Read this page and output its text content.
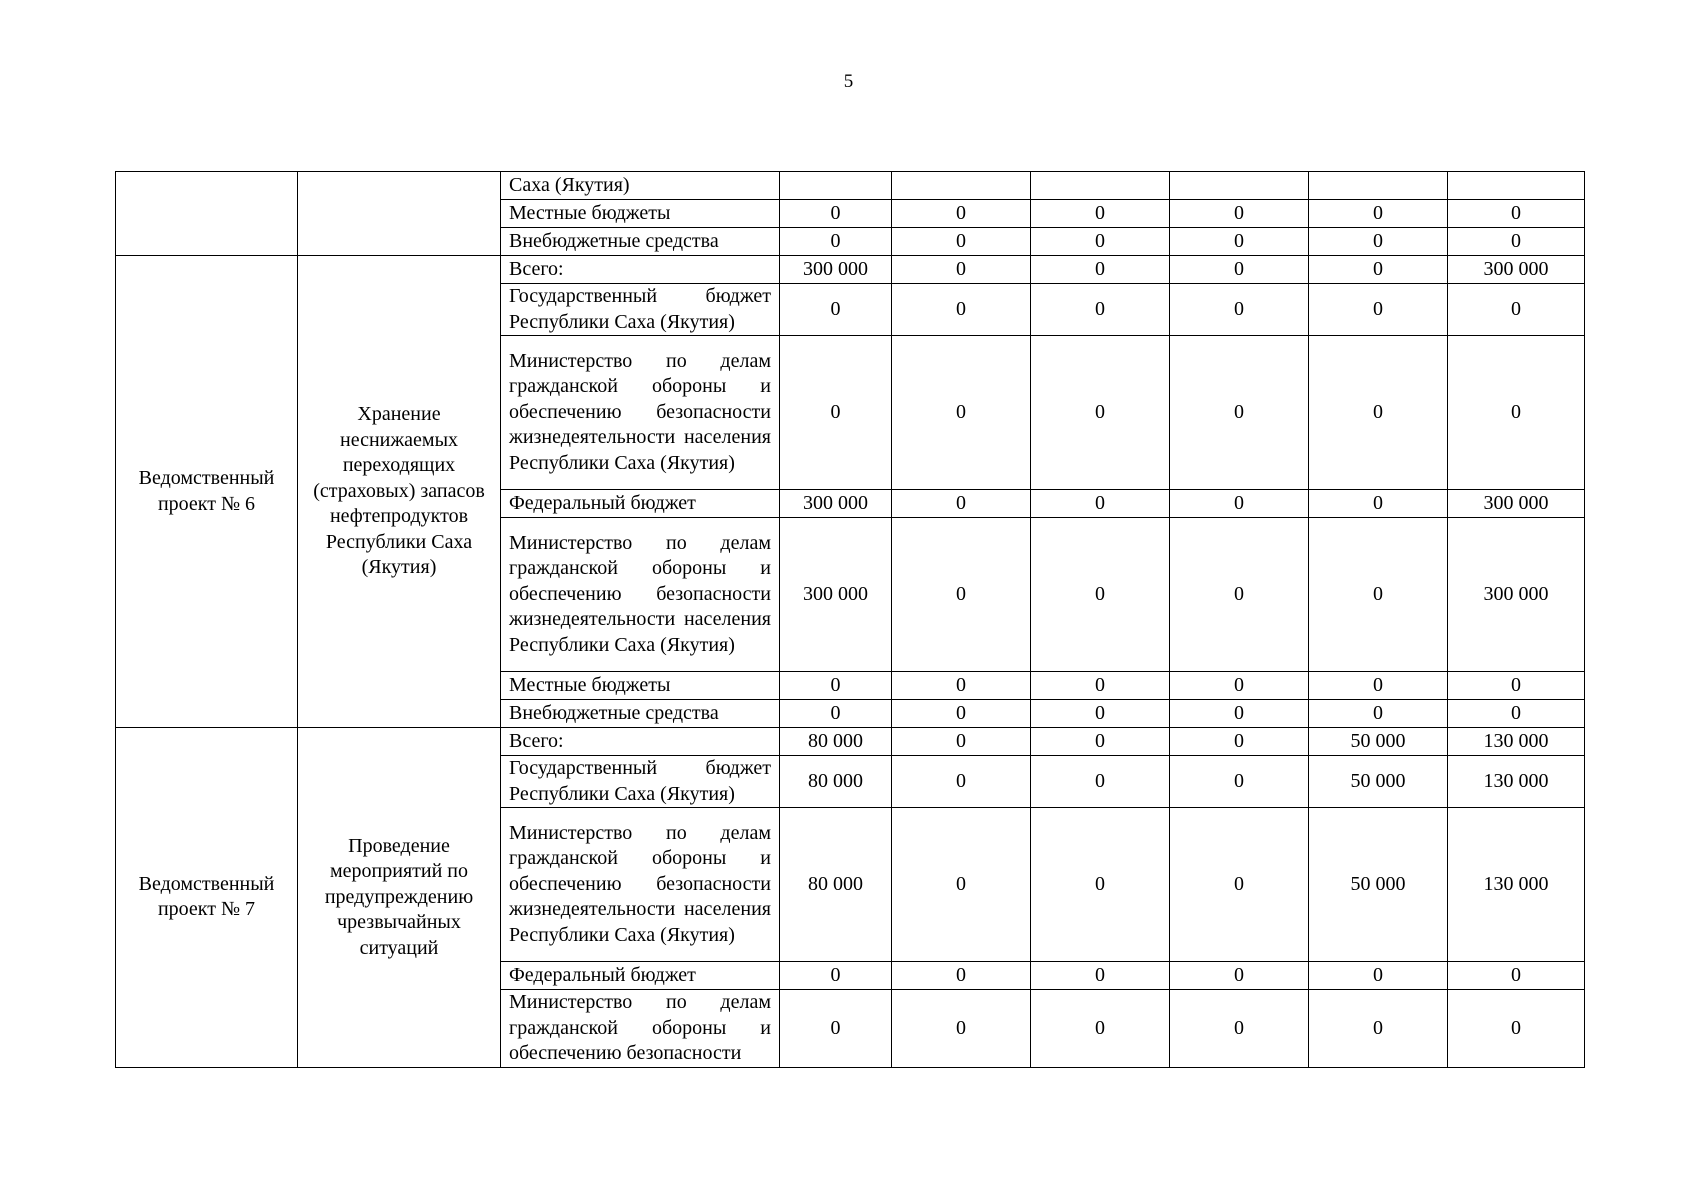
5
		Саха (Якутия)						
		Местные бюджеты	0	0	0	0	0	0
		Внебюджетные средства	0	0	0	0	0	0
Ведомственный
проект № 6	Хранение неснижаемых переходящих (страховых) запасов нефтепродуктов Республики Саха (Якутия)	Всего:	300 000	0	0	0	0	300 000
		Государственный бюджет Республики Саха (Якутия)	0	0	0	0	0	0
		Министерство по делам гражданской обороны и обеспечению безопасности жизнедеятельности населения Республики Саха (Якутия)	0	0	0	0	0	0
		Федеральный бюджет	300 000	0	0	0	0	300 000
		Министерство по делам гражданской обороны и обеспечению безопасности жизнедеятельности населения Республики Саха (Якутия)	300 000	0	0	0	0	300 000
		Местные бюджеты	0	0	0	0	0	0
		Внебюджетные средства	0	0	0	0	0	0
Ведомственный
проект № 7	Проведение мероприятий по предупреждению чрезвычайных ситуаций	Всего:	80 000	0	0	0	50 000	130 000
		Государственный бюджет Республики Саха (Якутия)	80 000	0	0	0	50 000	130 000
		Министерство по делам гражданской обороны и обеспечению безопасности жизнедеятельности населения Республики Саха (Якутия)	80 000	0	0	0	50 000	130 000
		Федеральный бюджет	0	0	0	0	0	0
		Министерство по делам гражданской обороны и обеспечению безопасности	0	0	0	0	0	0
